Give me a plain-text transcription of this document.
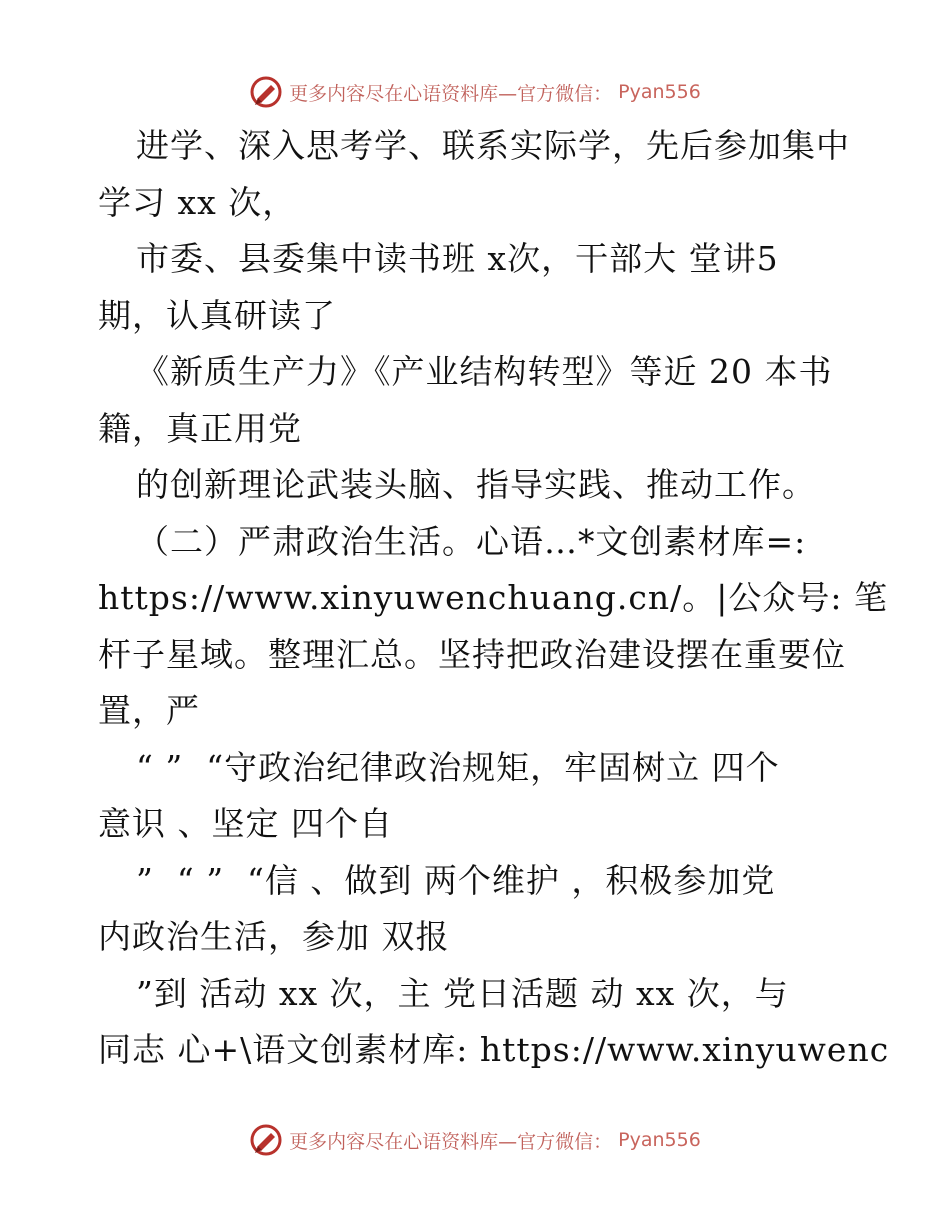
更多内容尽在心语资料库—官方微信： Pyan556
进学、深入思考学、联系实际学，先后参加集中
学习 xx 次，
市委、县委集中读书班 x次，干部大 堂讲5
期，认真研读了
《新质生产力》《产业结构转型》等近 20 本书
籍，真正用党
的创新理论武装头脑、指导实践、推动工作。
（二）严肃政治生活。心语…*文创素材库=:
https://www.xinyuwenchuang.cn/。|公众号: 笔
杆子星域。整理汇总。坚持把政治建设摆在重要位
置，严
“ ”  “守政治纪律政治规矩，牢固树立 四个
意识 、坚定 四个自
”  “ ”  “信 、做到 两个维护 ，积极参加党
内政治生活，参加 双报
”到 活动 xx 次，主 党日活题 动 xx 次，与
同志 心+\语文创素材库: https://www.xinyuwenc
更多内容尽在心语资料库—官方微信： Pyan556
